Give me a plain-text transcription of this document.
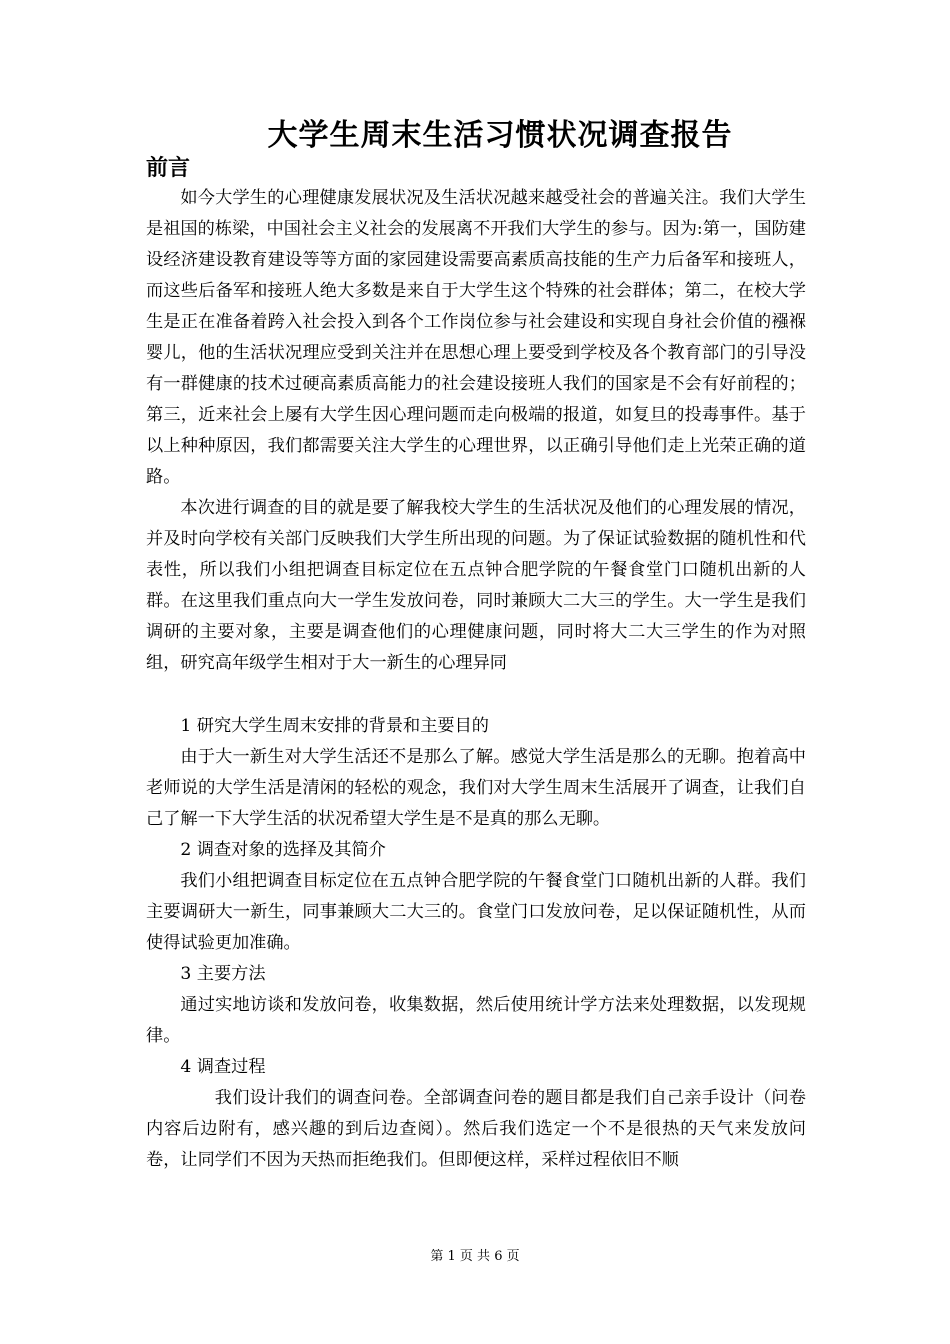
大学生周末生活习惯状况调查报告
前言

如今大学生的心理健康发展状况及生活状况越来越受社会的普遍关注。我们大学生是祖国的栋梁，中国社会主义社会的发展离不开我们大学生的参与。因为:第一，国防建设经济建设教育建设等等方面的家园建设需要高素质高技能的生产力后备军和接班人，而这些后备军和接班人绝大多数是来自于大学生这个特殊的社会群体；第二，在校大学生是正在准备着跨入社会投入到各个工作岗位参与社会建设和实现自身社会价值的襁褓婴儿，他的生活状况理应受到关注并在思想心理上要受到学校及各个教育部门的引导没有一群健康的技术过硬高素质高能力的社会建设接班人我们的国家是不会有好前程的；第三，近来社会上屡有大学生因心理问题而走向极端的报道，如复旦的投毒事件。基于以上种种原因，我们都需要关注大学生的心理世界，以正确引导他们走上光荣正确的道路。

本次进行调查的目的就是要了解我校大学生的生活状况及他们的心理发展的情况，并及时向学校有关部门反映我们大学生所出现的问题。为了保证试验数据的随机性和代表性，所以我们小组把调查目标定位在五点钟合肥学院的午餐食堂门口随机出新的人群。在这里我们重点向大一学生发放问卷，同时兼顾大二大三的学生。大一学生是我们调研的主要对象，主要是调查他们的心理健康问题，同时将大二大三学生的作为对照组，研究高年级学生相对于大一新生的心理异同

1 研究大学生周末安排的背景和主要目的

由于大一新生对大学生活还不是那么了解。感觉大学生活是那么的无聊。抱着高中老师说的大学生活是清闲的轻松的观念，我们对大学生周末生活展开了调查，让我们自己了解一下大学生活的状况希望大学生是不是真的那么无聊。

2 调查对象的选择及其简介

我们小组把调查目标定位在五点钟合肥学院的午餐食堂门口随机出新的人群。我们主要调研大一新生，同事兼顾大二大三的。食堂门口发放问卷，足以保证随机性，从而使得试验更加准确。

3 主要方法

通过实地访谈和发放问卷，收集数据，然后使用统计学方法来处理数据，以发现规律。

4 调查过程

我们设计我们的调查问卷。全部调查问卷的题目都是我们自己亲手设计（问卷内容后边附有，感兴趣的到后边查阅）。然后我们选定一个不是很热的天气来发放问卷，让同学们不因为天热而拒绝我们。但即便这样，采样过程依旧不顺

第 1 页 共 6 页
